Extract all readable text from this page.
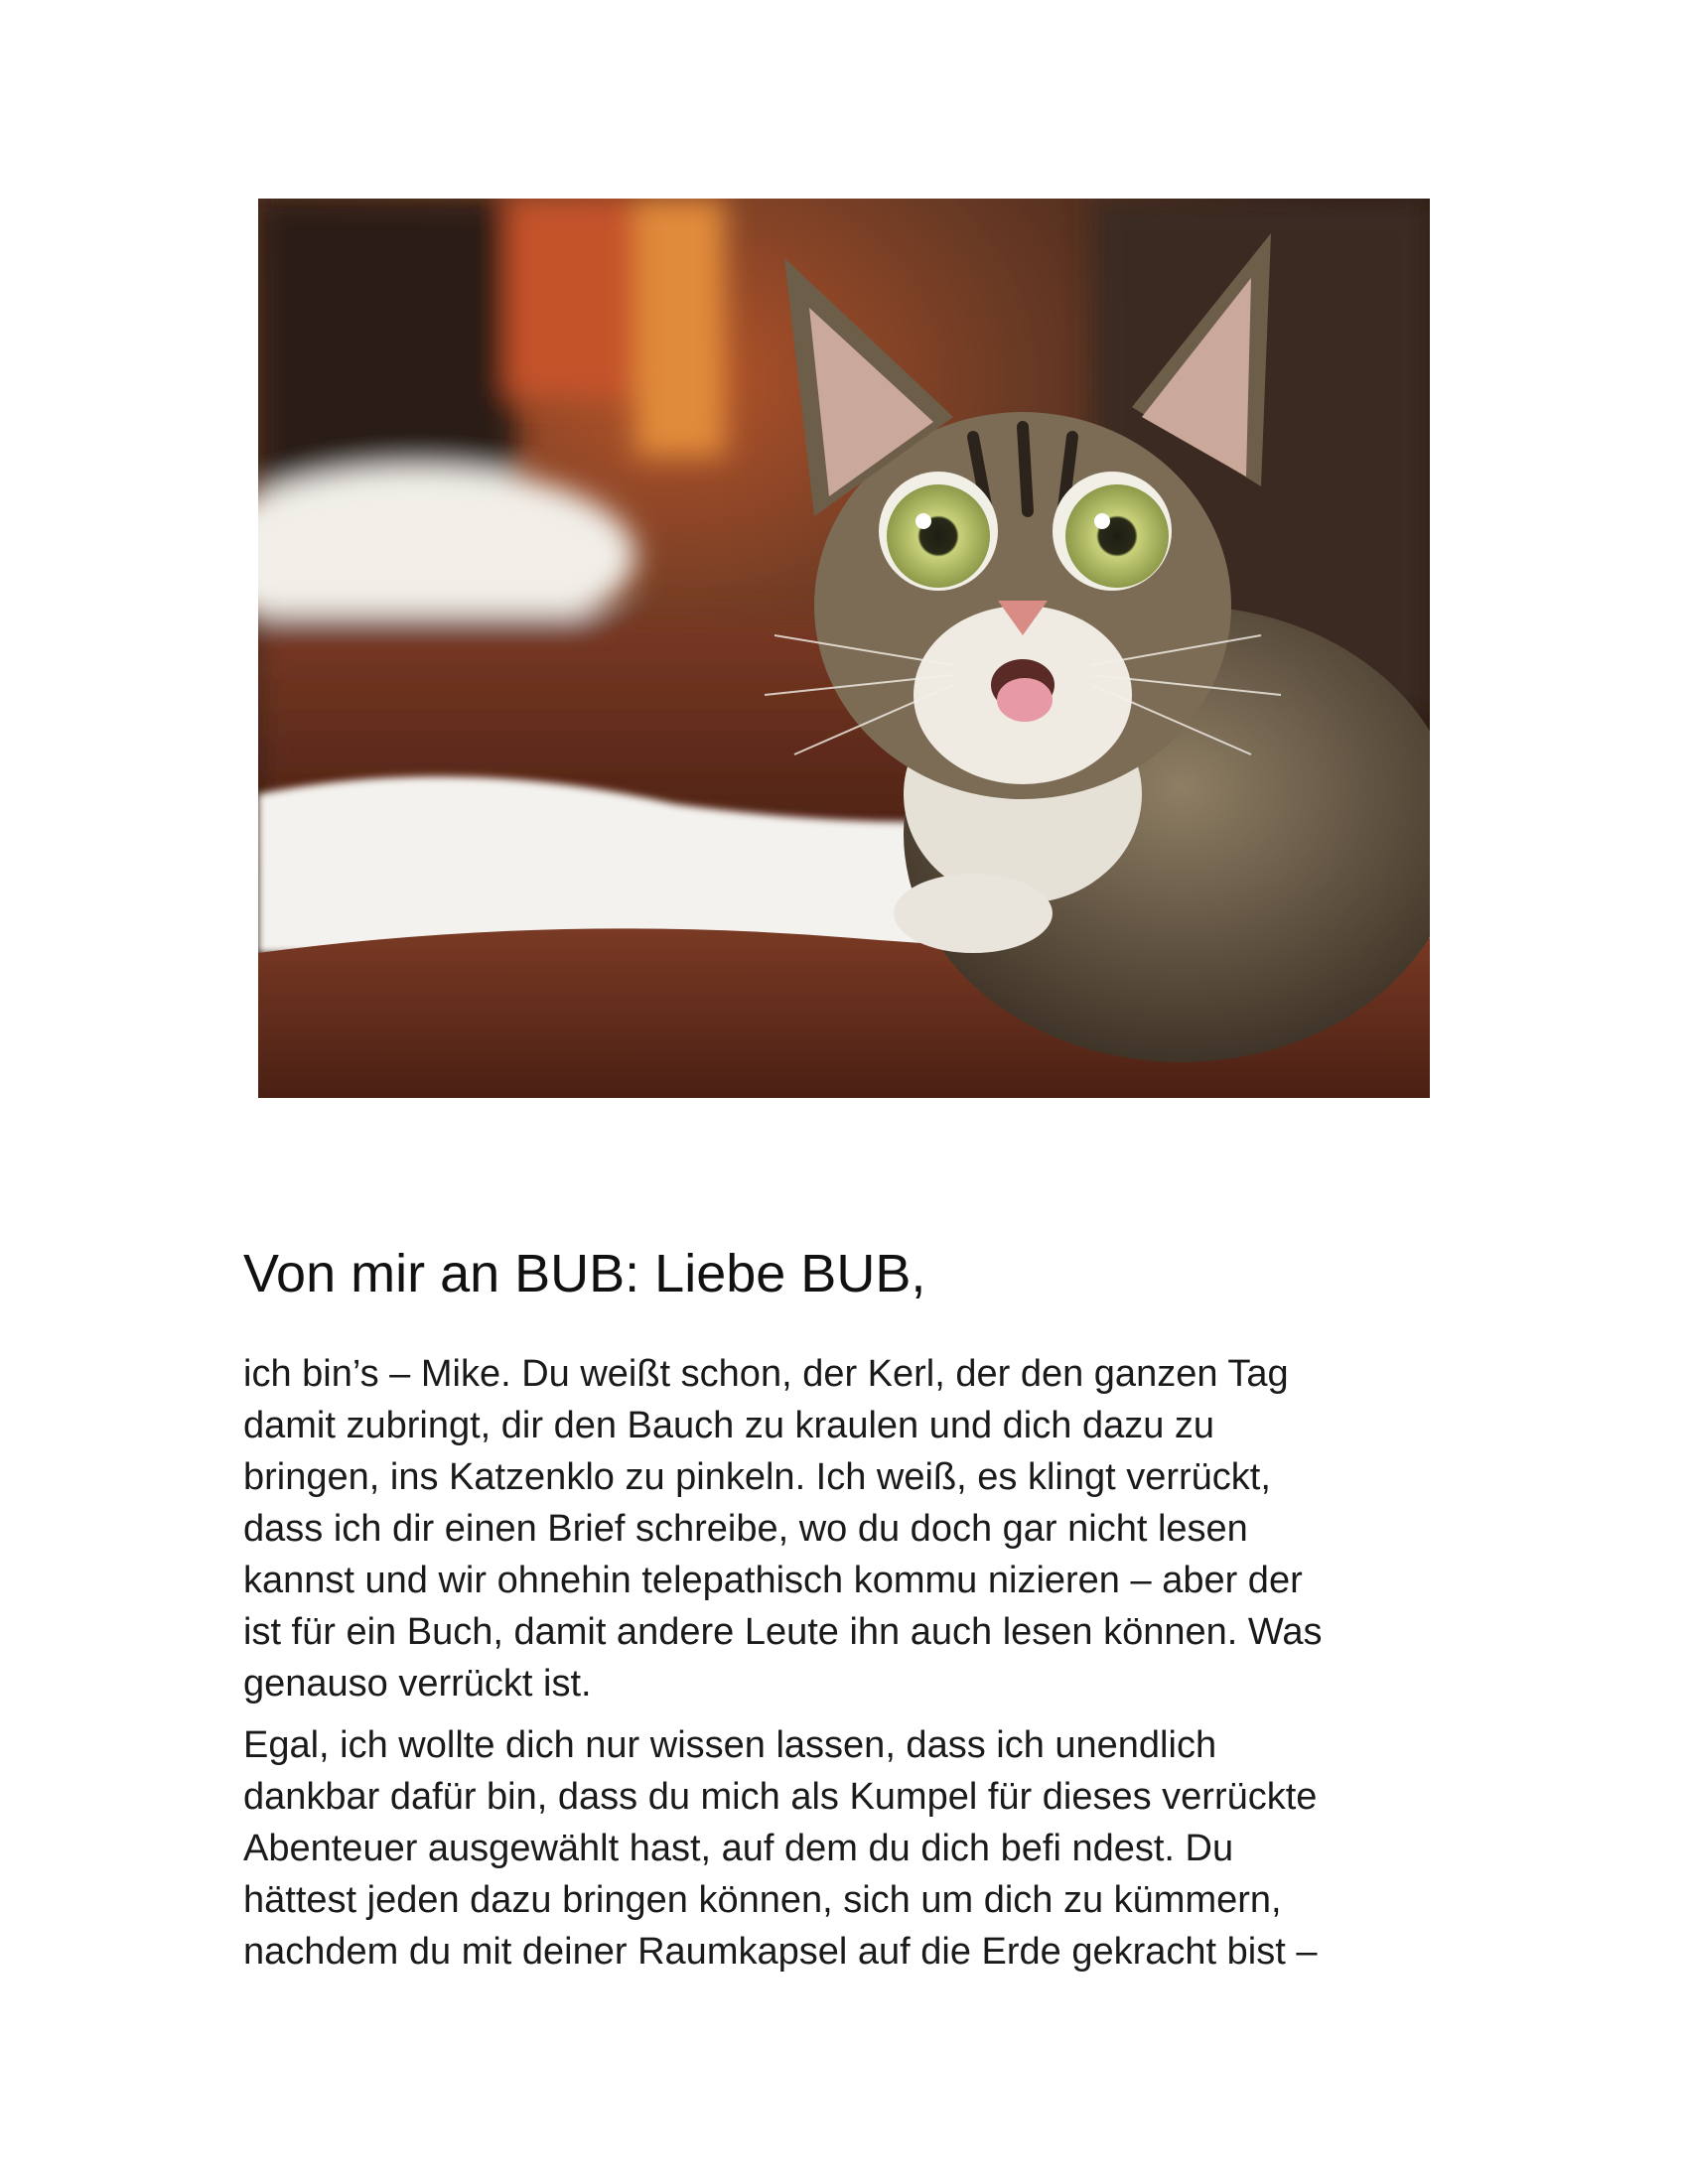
Von mir an BUB: Liebe BUB,

ich bin’s – Mike. Du weißt schon, der Kerl, der den ganzen Tag
damit zubringt, dir den Bauch zu kraulen und dich dazu zu
bringen, ins Katzenklo zu pinkeln. Ich weiß, es klingt verrückt,
dass ich dir einen Brief schreibe, wo du doch gar nicht lesen
kannst und wir ohnehin telepathisch kommu nizieren – aber der
ist für ein Buch, damit andere Leute ihn auch lesen können. Was
genauso verrückt ist.

Egal, ich wollte dich nur wissen lassen, dass ich unendlich
dankbar dafür bin, dass du mich als Kumpel für dieses verrückte
Abenteuer ausgewählt hast, auf dem du dich befi ndest. Du
hättest jeden dazu bringen können, sich um dich zu kümmern,
nachdem du mit deiner Raumkapsel auf die Erde gekracht bist –
